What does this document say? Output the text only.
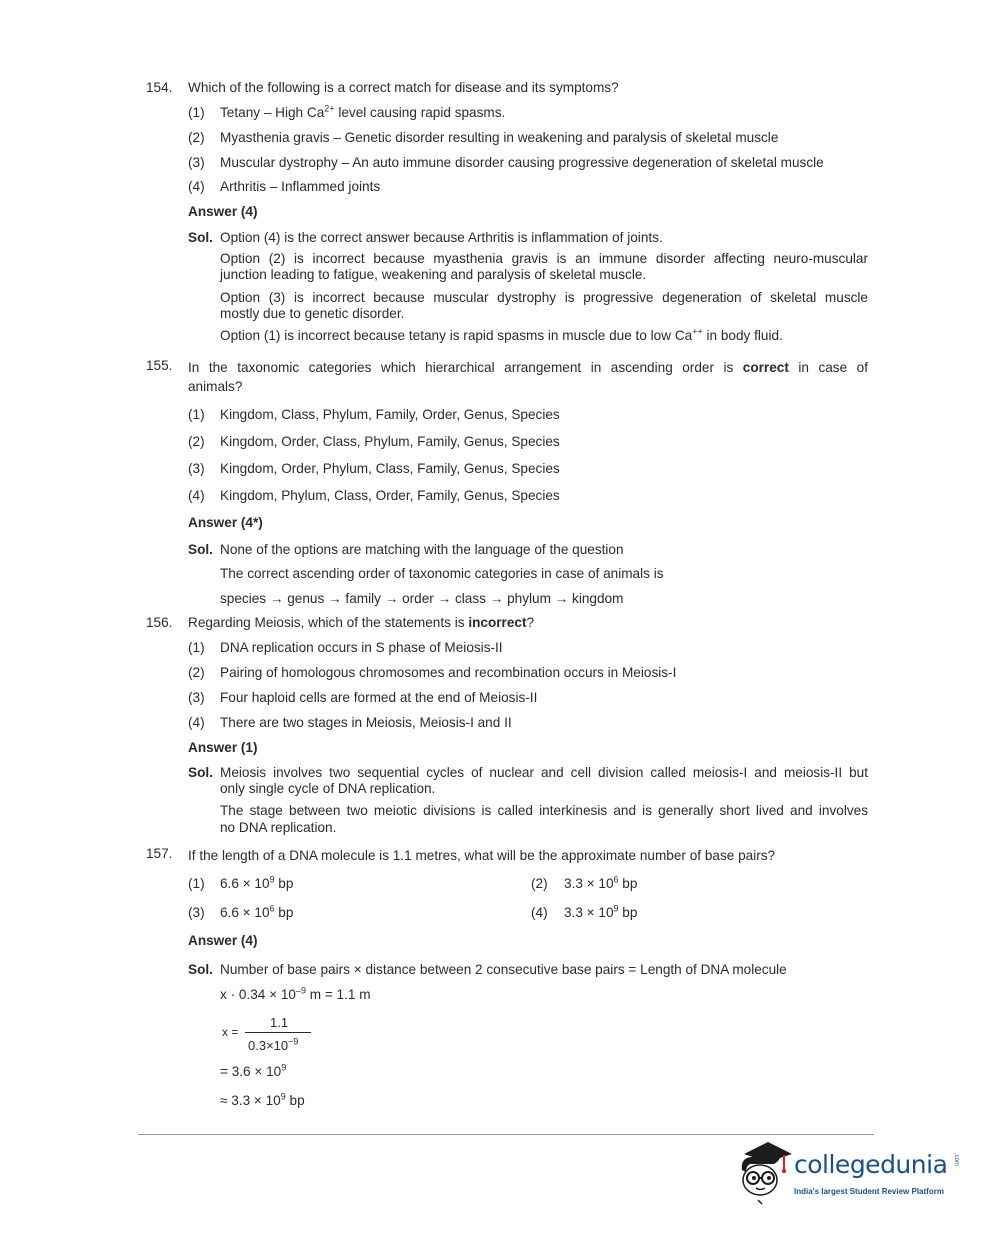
154. Which of the following is a correct match for disease and its symptoms?
(1) Tetany – High $Ca^{2+}$ level causing rapid spasms.
(2) Myasthenia gravis – Genetic disorder resulting in weakening and paralysis of skeletal muscle
(3) Muscular dystrophy – An auto immune disorder causing progressive degeneration of skeletal muscle
(4) Arthritis – Inflammed joints
Answer (4)
Sol. Option (4) is the correct answer because Arthritis is inflammation of joints.
Option (2) is incorrect because myasthenia gravis is an immune disorder affecting neuro-muscular
junction leading to fatigue, weakening and paralysis of skeletal muscle.
Option (3) is incorrect because muscular dystrophy is progressive degeneration of skeletal muscle
mostly due to genetic disorder.
Option (1) is incorrect because tetany is rapid spasms in muscle due to low Ca++ in body fluid.
155. In the taxonomic categories which hierarchical arrangement in ascending order is correct in case of
animals?
(1) Kingdom, Class, Phylum, Family, Order, Genus, Species
(2) Kingdom, Order, Class, Phylum, Family, Genus, Species
(3) Kingdom, Order, Phylum, Class, Family, Genus, Species
(4) Kingdom, Phylum, Class, Order, Family, Genus, Species
Answer (4*)
Sol. None of the options are matching with the language of the question
The correct ascending order of taxonomic categories in case of animals is
species → genus → family → order → class → phylum → kingdom
156. Regarding Meiosis, which of the statements is incorrect?
(1) DNA replication occurs in S phase of Meiosis-II
(2) Pairing of homologous chromosomes and recombination occurs in Meiosis-I
(3) Four haploid cells are formed at the end of Meiosis-II
(4) There are two stages in Meiosis, Meiosis-I and II
Answer (1)
Sol. Meiosis involves two sequential cycles of nuclear and cell division called meiosis-I and meiosis-II but
only single cycle of DNA replication.
The stage between two meiotic divisions is called interkinesis and is generally short lived and involves
no DNA replication.
157. If the length of a DNA molecule is 1.1 metres, what will be the approximate number of base pairs?
(1) $6.6 \times 10^9$ bp	(2) $3.3 \times 10^6$ bp
(3) $6.6 \times 10^6$ bp	(4) $3.3 \times 10^9$ bp
Answer (4)
Sol. Number of base pairs × distance between 2 consecutive base pairs = Length of DNA molecule
$x \cdot 0.34 \times 10^{-9}$ m = 1.1 m
x =
1.1
$0.3\times 10^{-9}$
= $3.6 \times 10^9$
≈ $3.3 \times 10^9$ bp
collegedunia .com
India's largest Student Review Platform
